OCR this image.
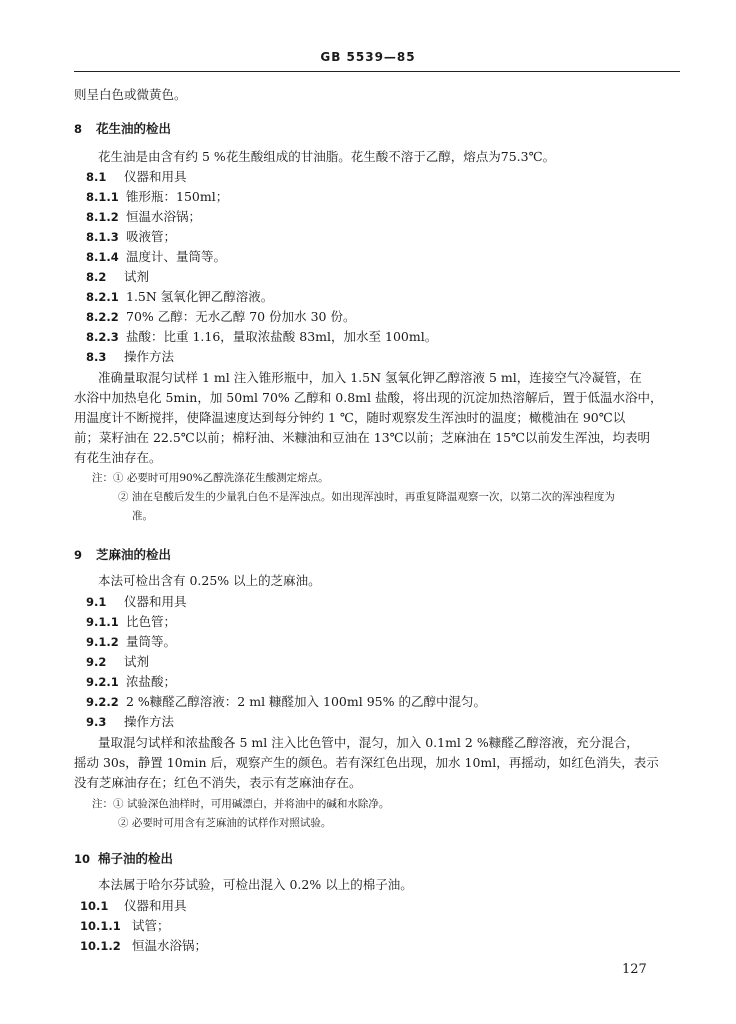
GB 5539—85
则呈白色或微黄色。
8 花生油的检出
花生油是由含有约 5 %花生酸组成的甘油脂。花生酸不溶于乙醇，熔点为75.3℃。
8.1 仪器和用具
8.1.1 锥形瓶：150ml；
8.1.2 恒温水浴锅；
8.1.3 吸液管；
8.1.4 温度计、量筒等。
8.2 试剂
8.2.1 1.5N 氢氧化钾乙醇溶液。
8.2.2 70% 乙醇：无水乙醇 70 份加水 30 份。
8.2.3 盐酸：比重 1.16，量取浓盐酸 83ml，加水至 100ml。
8.3 操作方法
准确量取混匀试样 1 ml 注入锥形瓶中，加入 1.5N 氢氧化钾乙醇溶液 5 ml，连接空气冷凝管，在
水浴中加热皂化 5min，加 50ml 70% 乙醇和 0.8ml 盐酸，将出现的沉淀加热溶解后，置于低温水浴中，
用温度计不断搅拌，使降温速度达到每分钟约 1 ℃，随时观察发生浑浊时的温度；橄榄油在 90℃以
前；菜籽油在 22.5℃以前；棉籽油、米糠油和豆油在 13℃以前；芝麻油在 15℃以前发生浑浊，均表明
有花生油存在。
注：① 必要时可用90%乙醇洗涤花生酸测定熔点。
② 油在皂酸后发生的少量乳白色不是浑浊点。如出现浑浊时，再重复降温观察一次，以第二次的浑浊程度为
准。
9 芝麻油的检出
本法可检出含有 0.25% 以上的芝麻油。
9.1 仪器和用具
9.1.1 比色管；
9.1.2 量筒等。
9.2 试剂
9.2.1 浓盐酸；
9.2.2 2 %糠醛乙醇溶液：2 ml 糠醛加入 100ml 95% 的乙醇中混匀。
9.3 操作方法
量取混匀试样和浓盐酸各 5 ml 注入比色管中，混匀，加入 0.1ml 2 %糠醛乙醇溶液，充分混合，
摇动 30s，静置 10min 后，观察产生的颜色。若有深红色出现，加水 10ml，再摇动，如红色消失，表示
没有芝麻油存在；红色不消失，表示有芝麻油存在。
注：① 试验深色油样时，可用碱漂白，并将油中的碱和水除净。
② 必要时可用含有芝麻油的试样作对照试验。
10 棉子油的检出
本法属于哈尔芬试验，可检出混入 0.2% 以上的棉子油。
10.1 仪器和用具
10.1.1 试管；
10.1.2 恒温水浴锅；
127
